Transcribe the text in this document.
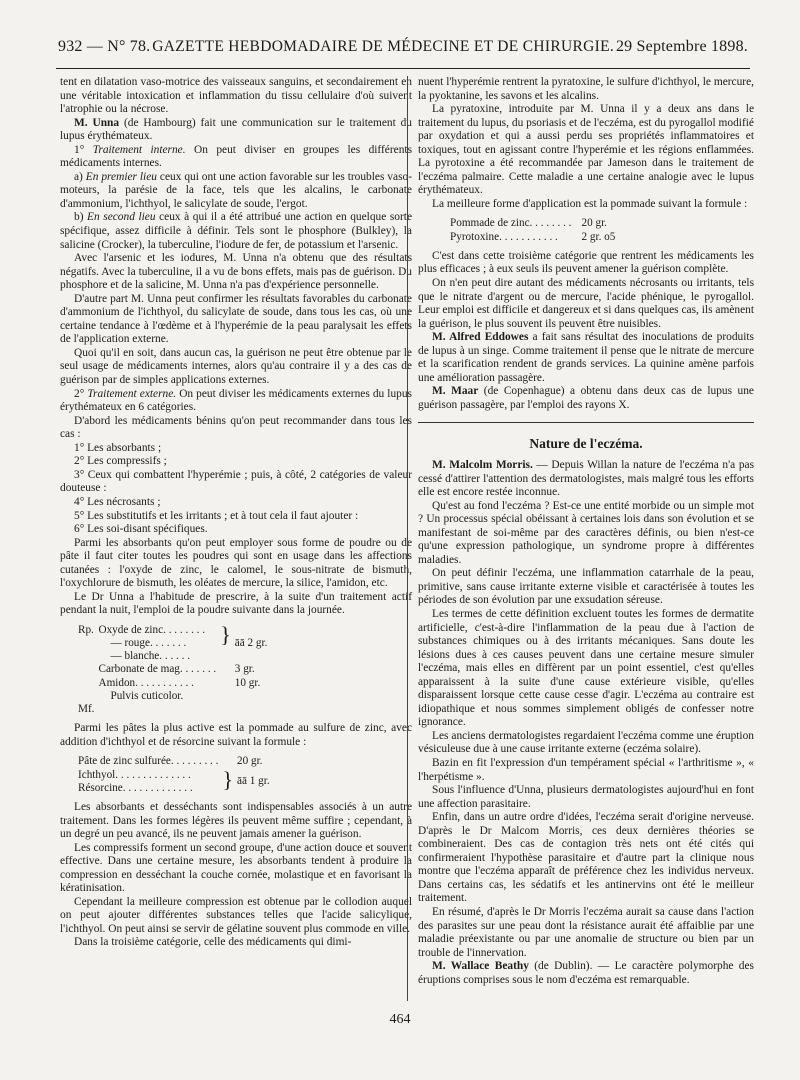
932 — N° 78. GAZETTE HEBDOMADAIRE DE MÉDECINE ET DE CHIRURGIE. 29 Septembre 1898.

tent en dilatation vaso-motrice des vaisseaux sanguins, et secondairement en une véritable intoxication et inflammation du tissu cellulaire d'où suivent l'atrophie ou la nécrose.

M. Unna (de Hambourg) fait une communication sur le traitement du lupus érythémateux.

1° Traitement interne. On peut diviser en groupes les différents médicaments internes.

a) En premier lieu ceux qui ont une action favorable sur les troubles vaso-moteurs, la parésie de la face, tels que les alcalins, le carbonate d'ammonium, l'ichthyol, le salicylate de soude, l'ergot.

b) En second lieu ceux à qui il a été attribué une action en quelque sorte spécifique, assez difficile à définir. Tels sont le phosphore (Bulkley), la salicine (Crocker), la tuberculine, l'iodure de fer, de potassium et l'arsenic.

Avec l'arsenic et les iodures, M. Unna n'a obtenu que des résultats négatifs. Avec la tuberculine, il a vu de bons effets, mais pas de guérison. Du phosphore et de la salicine, M. Unna n'a pas d'expérience personnelle.

D'autre part M. Unna peut confirmer les résultats favorables du carbonate d'ammonium de l'ichthyol, du salicylate de soude, dans tous les cas, où une certaine tendance à l'œdème et à l'hyperémie de la peau paralysait les effets de l'application externe.

Quoi qu'il en soit, dans aucun cas, la guérison ne peut être obtenue par le seul usage de médicaments internes, alors qu'au contraire il y a des cas de guérison par de simples applications externes.

2° Traitement externe. On peut diviser les médicaments externes du lupus érythémateux en 6 catégories.

D'abord les médicaments bénins qu'on peut recommander dans tous les cas :

1° Les absorbants ;

2° Les compressifs ;

3° Ceux qui combattent l'hyperémie ; puis, à côté, 2 catégories de valeur douteuse :

4° Les nécrosants ;

5° Les substitutifs et les irritants ; et à tout cela il faut ajouter :

6° Les soi-disant spécifiques.

Parmi les absorbants qu'on peut employer sous forme de poudre ou de pâte il faut citer toutes les poudres qui sont en usage dans les affections cutanées : l'oxyde de zinc, le calomel, le sous-nitrate de bismuth, l'oxychlorure de bismuth, les oléates de mercure, la silice, l'amidon, etc.

Le Dr Unna a l'habitude de prescrire, à la suite d'un traitement actif pendant la nuit, l'emploi de la poudre suivante dans la journée.

Rp.	Oxyde de zinc. . . . . . . .	}	āā 2 gr.
	— rouge. . . . . . .		
	— blanche. . . . . .		
	Carbonate de mag. . . . . . .		3 gr.
	Amidon. . . . . . . . . . .		10 gr.
	Pulvis cuticolor.		
Mf.			

Parmi les pâtes la plus active est la pommade au sulfure de zinc, avec addition d'ichthyol et de résorcine suivant la formule :

Pâte de zinc sulfurée. . . . . . . . .		20 gr.
Ichthyol. . . . . . . . . . . . . .	}	āā 1 gr.
Résorcine. . . . . . . . . . . . .		

Les absorbants et desséchants sont indispensables associés à un autre traitement. Dans les formes légères ils peuvent même suffire ; cependant, à un degré un peu avancé, ils ne peuvent jamais amener la guérison.

Les compressifs forment un second groupe, d'une action douce et souvent effective. Dans une certaine mesure, les absorbants tendent à produire la compression en desséchant la couche cornée, molastique et en favorisant la kératinisation.

Cependant la meilleure compression est obtenue par le collodion auquel on peut ajouter différentes substances telles que l'acide salicylique, l'ichthyol. On peut ainsi se servir de gélatine souvent plus commode en ville.

Dans la troisième catégorie, celle des médicaments qui dimi-

nuent l'hyperémie rentrent la pyratoxine, le sulfure d'ichthyol, le mercure, la pyoktanine, les savons et les alcalins.

La pyratoxine, introduite par M. Unna il y a deux ans dans le traitement du lupus, du psoriasis et de l'eczéma, est du pyrogallol modifié par oxydation et qui a aussi perdu ses propriétés inflammatoires et toxiques, tout en agissant contre l'hyperémie et les régions enflammées. La pyrotoxine a été recommandée par Jameson dans le traitement de l'eczéma palmaire. Cette maladie a une certaine analogie avec le lupus érythémateux.

La meilleure forme d'application est la pommade suivant la formule :

Pommade de zinc. . . . . . . .	20 gr.
Pyrotoxine. . . . . . . . . . .	2 gr. o5

C'est dans cette troisième catégorie que rentrent les médicaments les plus efficaces ; à eux seuls ils peuvent amener la guérison complète.

On n'en peut dire autant des médicaments nécrosants ou irritants, tels que le nitrate d'argent ou de mercure, l'acide phénique, le pyrogallol. Leur emploi est difficile et dangereux et si dans quelques cas, ils amènent la guérison, le plus souvent ils peuvent être nuisibles.

M. Alfred Eddowes a fait sans résultat des inoculations de produits de lupus à un singe. Comme traitement il pense que le nitrate de mercure et la scarification rendent de grands services. La quinine amène parfois une amélioration passagère.

M. Maar (de Copenhague) a obtenu dans deux cas de lupus une guérison passagère, par l'emploi des rayons X.

Nature de l'eczéma.

M. Malcolm Morris. — Depuis Willan la nature de l'eczéma n'a pas cessé d'attirer l'attention des dermatologistes, mais malgré tous les efforts elle est encore restée inconnue.

Qu'est au fond l'eczéma ? Est-ce une entité morbide ou un simple mot ? Un processus spécial obéissant à certaines lois dans son évolution et se manifestant de soi-même par des caractères définis, ou bien n'est-ce qu'une expression pathologique, un syndrome propre à différentes maladies.

On peut définir l'eczéma, une inflammation catarrhale de la peau, primitive, sans cause irritante externe visible et caractérisée à toutes les périodes de son évolution par une exsudation séreuse.

Les termes de cette définition excluent toutes les formes de dermatite artificielle, c'est-à-dire l'inflammation de la peau due à l'action de substances chimiques ou à des irritants mécaniques. Sans doute les lésions dues à ces causes peuvent dans une certaine mesure simuler l'eczéma, mais elles en diffèrent par un point essentiel, c'est qu'elles apparaissent à la suite d'une cause extérieure visible, qu'elles disparaissent lorsque cette cause cesse d'agir. L'eczéma au contraire est idiopathique et nous sommes simplement obligés de confesser notre ignorance.

Les anciens dermatologistes regardaient l'eczéma comme une éruption vésiculeuse due à une cause irritante externe (eczéma solaire).

Bazin en fit l'expression d'un tempérament spécial « l'arthritisme », « l'herpétisme ».

Sous l'influence d'Unna, plusieurs dermatologistes aujourd'hui en font une affection parasitaire.

Enfin, dans un autre ordre d'idées, l'eczéma serait d'origine nerveuse. D'après le Dr Malcom Morris, ces deux dernières théories se combineraient. Des cas de contagion très nets ont été cités qui confirmeraient l'hypothèse parasitaire et d'autre part la clinique nous montre que l'eczéma apparaît de préférence chez les individus nerveux. Dans certains cas, les sédatifs et les antinervins ont été le meilleur traitement.

En résumé, d'après le Dr Morris l'eczéma aurait sa cause dans l'action des parasites sur une peau dont la résistance aurait été affaiblie par une maladie préexistante ou par une anomalie de structure ou bien par un trouble de l'innervation.

M. Wallace Beathy (de Dublin). — Le caractère polymorphe des éruptions comprises sous le nom d'eczéma est remarquable.

464
